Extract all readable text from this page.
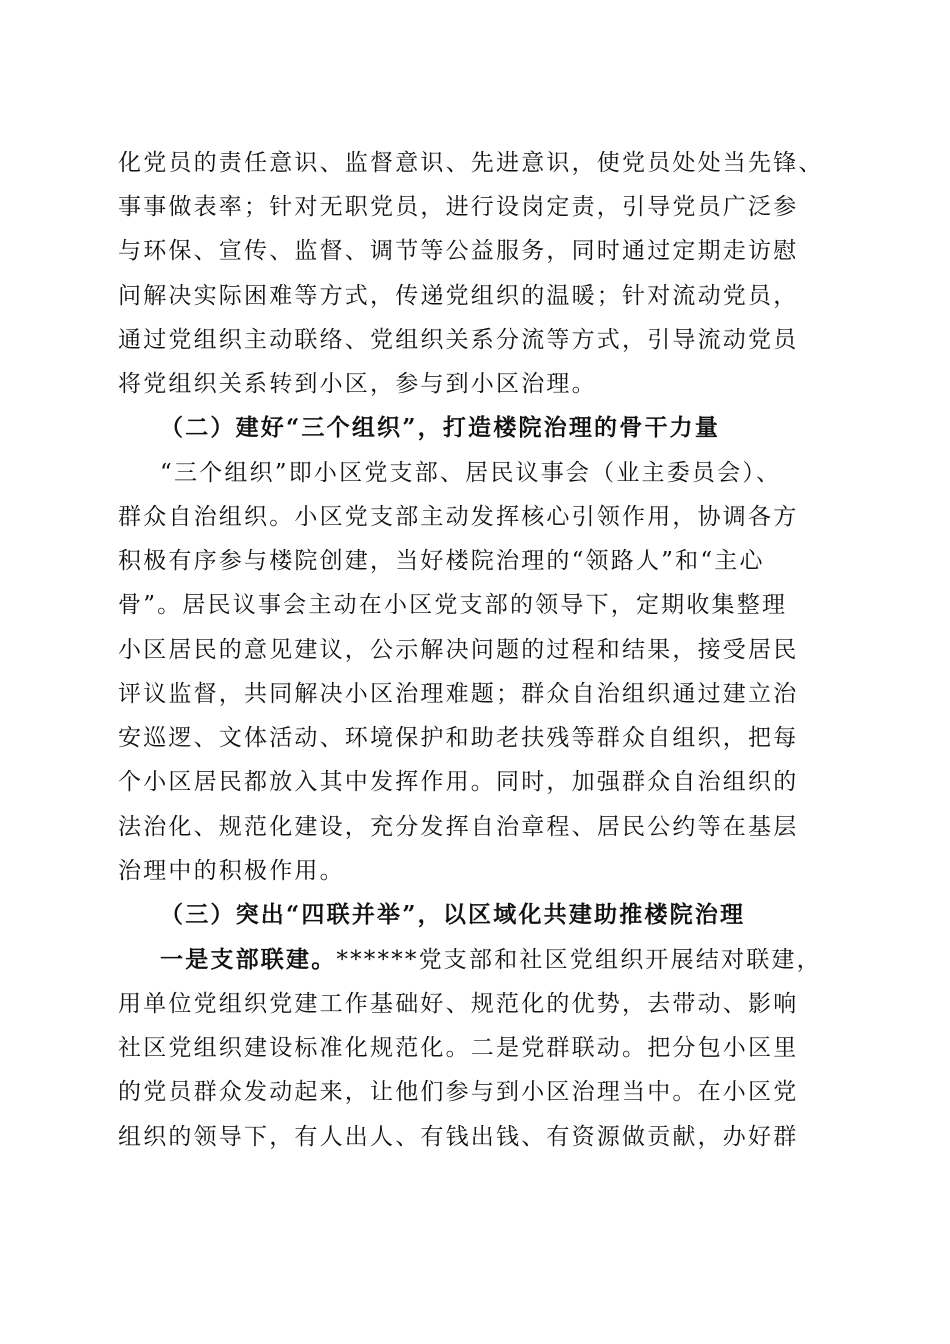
化党员的责任意识、监督意识、先进意识，使党员处处当先锋、
事事做表率；针对无职党员，进行设岗定责，引导党员广泛参
与环保、宣传、监督、调节等公益服务，同时通过定期走访慰
问解决实际困难等方式，传递党组织的温暖；针对流动党员，
通过党组织主动联络、党组织关系分流等方式，引导流动党员
将党组织关系转到小区，参与到小区治理。
（二）建好“三个组织”，打造楼院治理的骨干力量
“三个组织”即小区党支部、居民议事会（业主委员会）、
群众自治组织。小区党支部主动发挥核心引领作用，协调各方
积极有序参与楼院创建，当好楼院治理的“领路人”和“主心
骨”。居民议事会主动在小区党支部的领导下，定期收集整理
小区居民的意见建议，公示解决问题的过程和结果，接受居民
评议监督，共同解决小区治理难题；群众自治组织通过建立治
安巡逻、文体活动、环境保护和助老扶残等群众自组织，把每
个小区居民都放入其中发挥作用。同时，加强群众自治组织的
法治化、规范化建设，充分发挥自治章程、居民公约等在基层
治理中的积极作用。
（三）突出“四联并举”，以区域化共建助推楼院治理
一是支部联建。******党支部和社区党组织开展结对联建，
用单位党组织党建工作基础好、规范化的优势，去带动、影响
社区党组织建设标准化规范化。二是党群联动。把分包小区里
的党员群众发动起来，让他们参与到小区治理当中。在小区党
组织的领导下，有人出人、有钱出钱、有资源做贡献，办好群
